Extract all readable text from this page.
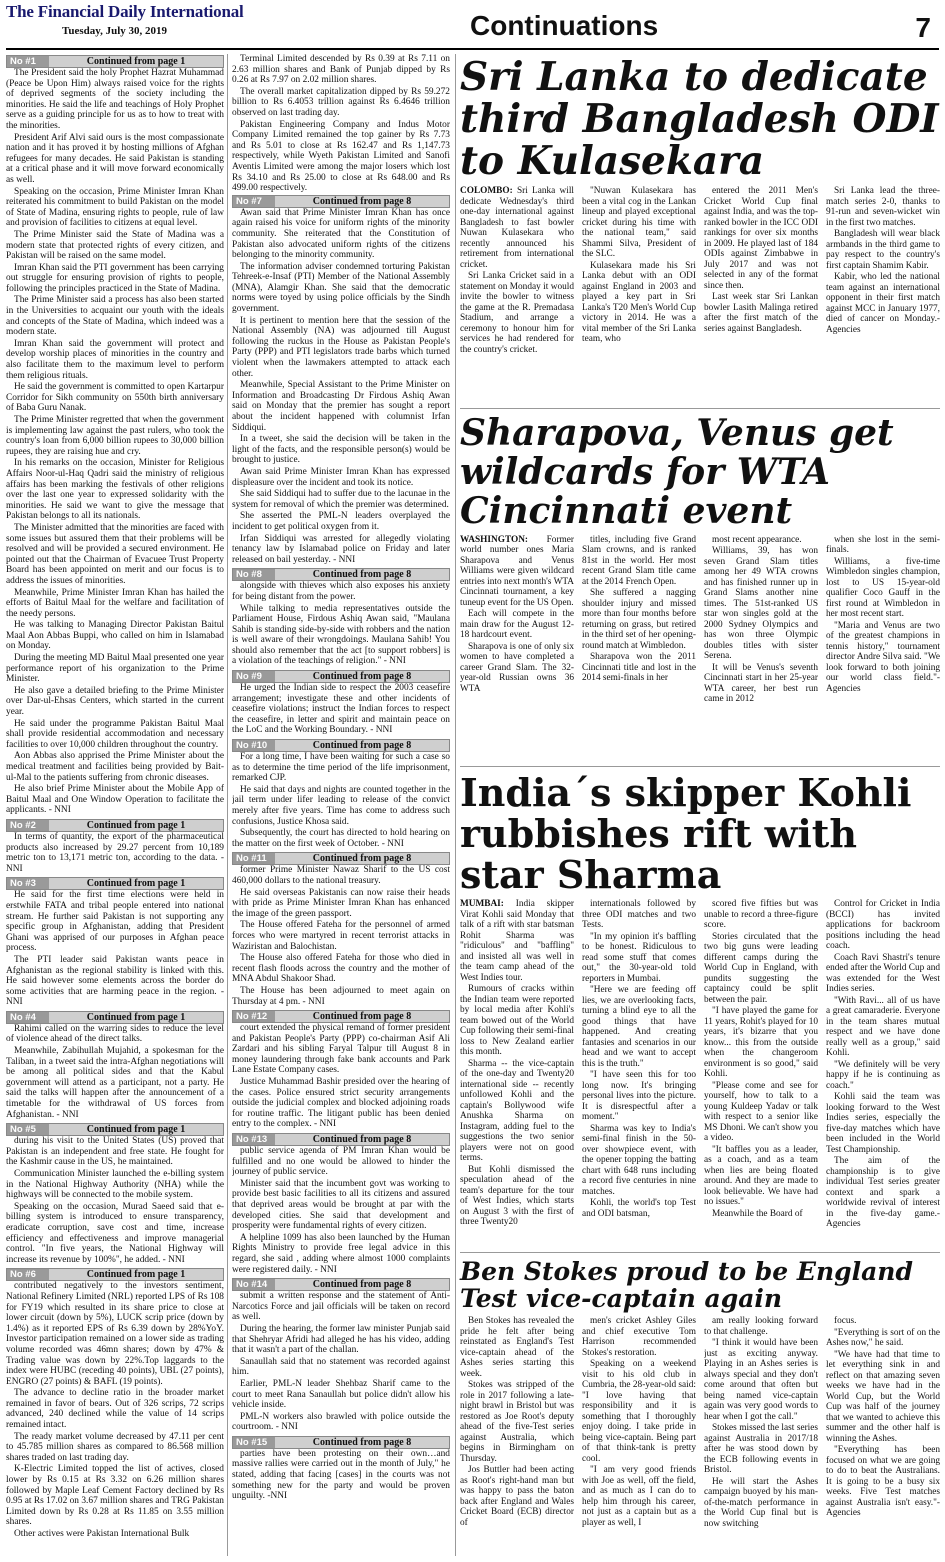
The Financial Daily International
Tuesday, July 30, 2019	Continuations	7
No #1	Continued from page 1

The President said the holy Prophet Hazrat Muhammad (Peace be Upon Him) always raised voice for the rights of deprived segments of the society including the minorities. He said the life and teachings of Holy Prophet serve as a guiding principle for us as to how to treat with the minorities.

President Arif Alvi said ours is the most compassionate nation and it has proved it by hosting millions of Afghan refugees for many decades. He said Pakistan is standing at a critical phase and it will move forward economically as well.

Speaking on the occasion, Prime Minister Imran Khan reiterated his commitment to build Pakistan on the model of State of Madina, ensuring rights to people, rule of law and provision of facilities to citizens at equal level.

The Prime Minister said the State of Madina was a modern state that protected rights of every citizen, and Pakistan will be raised on the same model.

Imran Khan said the PTI government has been carrying out struggle for ensuring provision of rights to people, following the principles practiced in the State of Madina.

The Prime Minister said a process has also been started in the Universities to acquaint our youth with the ideals and concepts of the State of Madina, which indeed was a modern state.

Imran Khan said the government will protect and develop worship places of minorities in the country and also facilitate them to the maximum level to perform them religious rituals.

He said the government is committed to open Kartarpur Corridor for Sikh community on 550th birth anniversary of Baba Guru Nanak.

The Prime Minister regretted that when the government is implementing law against the past rulers, who took the country's loan from 6,000 billion rupees to 30,000 billion rupees, they are raising hue and cry.

In his remarks on the occasion, Minister for Religious Affairs Noor-ul-Haq Qadri said the ministry of religious affairs has been marking the festivals of other religions over the last one year to expressed solidarity with the minorities. He said we want to give the message that Pakistan belongs to all its nationals.

The Minister admitted that the minorities are faced with some issues but assured them that their problems will be resolved and will be provided a secured environment. He pointed out that the Chairman of Evacuee Trust Property Board has been appointed on merit and our focus is to address the issues of minorities.

Meanwhile, Prime Minister Imran Khan has hailed the efforts of Baitul Maal for the welfare and facilitation of the needy persons.

He was talking to Managing Director Pakistan Baitul Maal Aon Abbas Buppi, who called on him in Islamabad on Monday.

During the meeting MD Baitul Maal presented one year performance report of his organization to the Prime Minister.

He also gave a detailed briefing to the Prime Minister over Dar-ul-Ehsas Centers, which started in the current year.

He said under the programme Pakistan Baitul Maal shall provide residential accommodation and necessary facilities to over 10,000 children throughout the country.

Aon Abbas also apprised the Prime Minister about the medical treatment and facilities being provided by Bait-ul-Mal to the patients suffering from chronic diseases.

He also brief Prime Minister about the Mobile App of Baitul Maal and One Window Operation to facilitate the applicants. - NNI

No #2	Continued from page 1

In terms of quantity, the export of the pharmaceutical products also increased by 29.27 percent from 10,189 metric ton to 13,171 metric ton, according to the data. - NNI

No #3	Continued from page 1

He said for the first time elections were held in erstwhile FATA and tribal people entered into national stream. He further said Pakistan is not supporting any specific group in Afghanistan, adding that President Ghani was apprised of our purposes in Afghan peace process.

The PTI leader said Pakistan wants peace in Afghanistan as the regional stability is linked with this. He said however some elements across the border do some activities that are harming peace in the region. - NNI

No #4	Continued from page 1

Rahimi called on the warring sides to reduce the level of violence ahead of the direct talks.

Meanwhile, Zabihullah Mujahid, a spokesman for the Taliban, in a tweet said the intra-Afghan negotiations will be among all political sides and that the Kabul government will attend as a participant, not a party. He said the talks will happen after the announcement of a timetable for the withdrawal of US forces from Afghanistan. - NNI

No #5	Continued from page 1

during his visit to the United States (US) proved that Pakistan is an independent and free state. He fought for the Kashmir cause in the US, he maintained.

Communication Minister launched the e-billing system in the National Highway Authority (NHA) while the highways will be connected to the mobile system.

Speaking on the occasion, Murad Saeed said that e-billing system is introduced to ensure transparency, eradicate corruption, save cost and time, increase efficiency and effectiveness and improve managerial control. "In five years, the National Highway will increase its revenue by 100%", he added. - NNI

No #6	Continued from page 1

contributed negatively to the investors sentiment, National Refinery Limited (NRL) reported LPS of Rs 108 for FY19 which resulted in its share price to close at lower circuit (down by 5%), LUCK scrip price (down by 1.4%) as it reported EPS of Rs 6.39 down by 28%YoY. Investor participation remained on a lower side as trading volume recorded was 46mn shares; down by 47% & Trading value was down by 22%.Top laggards to the index were HUBC (receding 40 points), UBL (27 points), ENGRO (27 points) & BAFL (19 points).

The advance to decline ratio in the broader market remained in favor of bears. Out of 326 scrips, 72 scrips advanced, 240 declined while the value of 14 scrips remained intact.

The ready market volume decreased by 47.11 per cent to 45.785 million shares as compared to 86.568 million shares traded on last trading day.

K-Electric Limited topped the list of actives, closed lower by Rs 0.15 at Rs 3.32 on 6.26 million shares followed by Maple Leaf Cement Factory declined by Rs 0.95 at Rs 17.02 on 3.67 million shares and TRG Pakistan Limited down by Rs 0.28 at Rs 11.85 on 3.55 million shares.

Other actives were Pakistan International Bulk

Terminal Limited descended by Rs 0.39 at Rs 7.11 on 2.63 million shares and Bank of Punjab dipped by Rs 0.26 at Rs 7.97 on 2.02 million shares.

The overall market capitalization dipped by Rs 59.272 billion to Rs 6.4053 trillion against Rs 6.4646 trillion observed on last trading day.

Pakistan Engineering Company and Indus Motor Company Limited remained the top gainer by Rs 7.73 and Rs 5.01 to close at Rs 162.47 and Rs 1,147.73 respectively, while Wyeth Pakistan Limited and Sanofi Aventis Limited were among the major losers which lost Rs 34.10 and Rs 25.00 to close at Rs 648.00 and Rs 499.00 respectively.

No #7	Continued from page 8

Awan said that Prime Minister Imran Khan has once again raised his voice for uniform rights of the minority community. She reiterated that the Constitution of Pakistan also advocated uniform rights of the citizens belonging to the minority community.

The information adviser condemned torturing Pakistan Tehreek-e-Insaf (PTI) Member of the National Assembly (MNA), Alamgir Khan. She said that the democratic norms were toyed by using police officials by the Sindh government.

It is pertinent to mention here that the session of the National Assembly (NA) was adjourned till August following the ruckus in the House as Pakistan People's Party (PPP) and PTI legislators trade barbs which turned violent when the lawmakers attempted to attack each other.

Meanwhile, Special Assistant to the Prime Minister on Information and Broadcasting Dr Firdous Ashiq Awan said on Monday that the premier has sought a report about the incident happened with columnist Irfan Siddiqui.

In a tweet, she said the decision will be taken in the light of the facts, and the responsible person(s) would be brought to justice.

Awan said Prime Minister Imran Khan has expressed displeasure over the incident and took its notice.

She said Siddiqui had to suffer due to the lacunae in the system for removal of which the premier was determined.

She asserted the PML-N leaders overplayed the incident to get political oxygen from it.

Irfan Siddiqui was arrested for allegedly violating tenancy law by Islamabad police on Friday and later released on bail yesterday. - NNI

No #8	Continued from page 8

alongside with thieves which also exposes his anxiety for being distant from the power.

While talking to media representatives outside the Parliament House, Firdous Ashiq Awan said, "Maulana Sahib is standing side-by-side with robbers and the nation is well aware of their wrongdoings. Maulana Sahib! You should also remember that the act [to support robbers] is a violation of the teachings of religion." - NNI

No #9	Continued from page 8

He urged the Indian side to respect the 2003 ceasefire arrangement; investigate these and other incidents of ceasefire violations; instruct the Indian forces to respect the ceasefire, in letter and spirit and maintain peace on the LoC and the Working Boundary. - NNI

No #10	Continued from page 8

For a long time, I have been waiting for such a case so as to determine the time period of the life imprisonment, remarked CJP.

He said that days and nights are counted together in the jail term under lifer leading to release of the convict merely after five years. Time has come to address such confusions, Justice Khosa said.

Subsequently, the court has directed to hold hearing on the matter on the first week of October. - NNI

No #11	Continued from page 8

former Prime Minister Nawaz Sharif to the US cost 460,000 dollars to the national treasury.

He said overseas Pakistanis can now raise their heads with pride as Prime Minister Imran Khan has enhanced the image of the green passport.

The House offered Fateha for the personnel of armed forces who were martyred in recent terrorist attacks in Waziristan and Balochistan.

The House also offered Fateha for those who died in recent flash floods across the country and the mother of MNA Abdul Shakoor Shad.

The House has been adjourned to meet again on Thursday at 4 pm. - NNI

No #12	Continued from page 8

court extended the physical remand of former president and Pakistan People's Party (PPP) co-chairman Asif Ali Zardari and his sibling Faryal Talpur till August 8 in money laundering through fake bank accounts and Park Lane Estate Company cases.

Justice Muhammad Bashir presided over the hearing of the cases. Police ensured strict security arrangements outside the judicial complex and blocked adjoining roads for routine traffic. The litigant public has been denied entry to the complex. - NNI

No #13	Continued from page 8

public service agenda of PM Imran Khan would be fulfilled and no one would be allowed to hinder the journey of public service.

Minister said that the incumbent govt was working to provide best basic facilities to all its citizens and assured that deprived areas would be brought at par with the developed cities. She said that development and prosperity were fundamental rights of every citizen.

A helpline 1099 has also been launched by the Human Rights Ministry to provide free legal advice in this regard, she said , adding where almost 1000 complaints were registered daily. - NNI

No #14	Continued from page 8

submit a written response and the statement of Anti-Narcotics Force and jail officials will be taken on record as well.

During the hearing, the former law minister Punjab said that Shehryar Afridi had alleged he has his video, adding that it wasn't a part of the challan.

Sanaullah said that no statement was recorded against him.

Earlier, PML-N leader Shehbaz Sharif came to the court to meet Rana Sanaullah but police didn't allow his vehicle inside.

PML-N workers also brawled with police outside the courtroom. - NNI

No #15	Continued from page 8

parties have been protesting on their own…and massive rallies were carried out in the month of July," he stated, adding that facing [cases] in the courts was not something new for the party and would be proven unguilty. -NNI

Sri Lanka to dedicate third Bangladesh ODI to Kulasekara

COLOMBO: Sri Lanka will dedicate Wednesday's third one-day international against Bangladesh to fast bowler Nuwan Kulasekara who recently announced his retirement from international cricket.

Sri Lanka Cricket said in a statement on Monday it would invite the bowler to witness the game at the R. Premadasa Stadium, and arrange a ceremony to honour him for services he had rendered for the country's cricket.

"Nuwan Kulasekara has been a vital cog in the Lankan lineup and played exceptional cricket during his time with the national team," said Shammi Silva, President of the SLC.

Kulasekara made his Sri Lanka debut with an ODI against England in 2003 and played a key part in Sri Lanka's T20 Men's World Cup victory in 2014. He was a vital member of the Sri Lanka team, who

entered the 2011 Men's Cricket World Cup final against India, and was the top-ranked bowler in the ICC ODI rankings for over six months in 2009. He played last of 184 ODIs against Zimbabwe in July 2017 and was not selected in any of the format since then.

Last week star Sri Lankan bowler Lasith Malinga retired after the first match of the series against Bangladesh.

Sri Lanka lead the three-match series 2-0, thanks to 91-run and seven-wicket win in the first two matches.

Bangladesh will wear black armbands in the third game to pay respect to the country's first captain Shamim Kabir.

Kabir, who led the national team against an international opponent in their first match against MCC in January 1977, died of cancer on Monday.-Agencies

Sharapova, Venus get wildcards for WTA Cincinnati event

WASHINGTON: Former world number ones Maria Sharapova and Venus Williams were given wildcard entries into next month's WTA Cincinnati tournament, a key tuneup event for the US Open.

Each will compete in the main draw for the August 12-18 hardcourt event.

Sharapova is one of only six women to have completed a career Grand Slam. The 32-year-old Russian owns 36 WTA

titles, including five Grand Slam crowns, and is ranked 81st in the world. Her most recent Grand Slam title came at the 2014 French Open.

She suffered a nagging shoulder injury and missed more than four months before returning on grass, but retired in the third set of her opening-round match at Wimbledon.

Sharapova won the 2011 Cincinnati title and lost in the 2014 semi-finals in her

most recent appearance.

Williams, 39, has won seven Grand Slam titles among her 49 WTA crowns and has finished runner up in Grand Slams another nine times. The 51st-ranked US star won singles gold at the 2000 Sydney Olympics and has won three Olympic doubles titles with sister Serena.

It will be Venus's seventh Cincinnati start in her 25-year WTA career, her best run came in 2012

when she lost in the semi-finals.

Williams, a five-time Wimbledon singles champion, lost to US 15-year-old qualifier Coco Gauff in the first round at Wimbledon in her most recent start.

"Maria and Venus are two of the greatest champions in tennis history," tournament director Andre Silva said. "We look forward to both joining our world class field."-Agencies

India´s skipper Kohli rubbishes rift with star Sharma

MUMBAI: India skipper Virat Kohli said Monday that talk of a rift with star batsman Rohit Sharma was "ridiculous" and "baffling" and insisted all was well in the team camp ahead of the West Indies tour.

Rumours of cracks within the Indian team were reported by local media after Kohli's team bowed out of the World Cup following their semi-final loss to New Zealand earlier this month.

Sharma -- the vice-captain of the one-day and Twenty20 international side -- recently unfollowed Kohli and the captain's Bollywood wife Anushka Sharma on Instagram, adding fuel to the suggestions the two senior players were not on good terms.

But Kohli dismissed the speculation ahead of the team's departure for the tour of West Indies, which starts on August 3 with the first of three Twenty20

internationals followed by three ODI matches and two Tests.

"In my opinion it's baffling to be honest. Ridiculous to read some stuff that comes out," the 30-year-old told reporters in Mumbai.

"Here we are feeding off lies, we are overlooking facts, turning a blind eye to all the good things that have happened. And creating fantasies and scenarios in our head and we want to accept this is the truth."

"I have seen this for too long now. It's bringing personal lives into the picture. It is disrespectful after a moment."

Sharma was key to India's semi-final finish in the 50-over showpiece event, with the opener topping the batting chart with 648 runs including a record five centuries in nine matches.

Kohli, the world's top Test and ODI batsman,

scored five fifties but was unable to record a three-figure score.

Stories circulated that the two big guns were leading different camps during the World Cup in England, with pundits suggesting the captaincy could be split between the pair.

"I have played the game for 11 years, Rohit's played for 10 years, it's bizarre that you know... this from the outside when the changeroom environment is so good," said Kohli.

"Please come and see for yourself, how to talk to a young Kuldeep Yadav or talk with respect to a senior like MS Dhoni. We can't show you a video.

"It baffles you as a leader, as a coach, and as a team when lies are being floated around. And they are made to look believable. We have had no issues."

Meanwhile the Board of

Control for Cricket in India (BCCI) has invited applications for backroom positions including the head coach.

Coach Ravi Shastri's tenure ended after the World Cup and was extended for the West Indies series.

"With Ravi... all of us have a great camaraderie. Everyone in the team shares mutual respect and we have done really well as a group," said Kohli.

"We definitely will be very happy if he is continuing as coach."

Kohli said the team was looking forward to the West Indies series, especially the five-day matches which have been included in the World Test Championship.

The aim of the championship is to give individual Test series greater context and spark a worldwide revival of interest in the five-day game.-Agencies

Ben Stokes proud to be England Test vice-captain again

Ben Stokes has revealed the pride he felt after being reinstated as England's Test vice-captain ahead of the Ashes series starting this week.

Stokes was stripped of the role in 2017 following a late-night brawl in Bristol but was restored as Joe Root's deputy ahead of the five-Test series against Australia, which begins in Birmingham on Thursday.

Jos Buttler had been acting as Root's right-hand man but was happy to pass the baton back after England and Wales Cricket Board (ECB) director of

men's cricket Ashley Giles and chief executive Tom Harrison recommended Stokes's restoration.

Speaking on a weekend visit to his old club in Cumbria, the 28-year-old said: "I love having that responsibility and it is something that I thoroughly enjoy doing. I take pride in being vice-captain. Being part of that think-tank is pretty cool.

"I am very good friends with Joe as well, off the field, and as much as I can do to help him through his career, not just as a captain but as a player as well, I

am really looking forward to that challenge.

"I think it would have been just as exciting anyway. Playing in an Ashes series is always special and they don't come around that often but being named vice-captain again was very good words to hear when I got the call."

Stokes missed the last series against Australia in 2017/18 after he was stood down by the ECB following events in Bristol.

He will start the Ashes campaign buoyed by his man-of-the-match performance in the World Cup final but is now switching

focus.

"Everything is sort of on the Ashes now," he said.

"We have had that time to let everything sink in and reflect on that amazing seven weeks we have had in the World Cup, but the World Cup was half of the journey that we wanted to achieve this summer and the other half is winning the Ashes.

"Everything has been focused on what we are going to do to beat the Australians. It is going to be a busy six weeks. Five Test matches against Australia isn't easy."-Agencies
